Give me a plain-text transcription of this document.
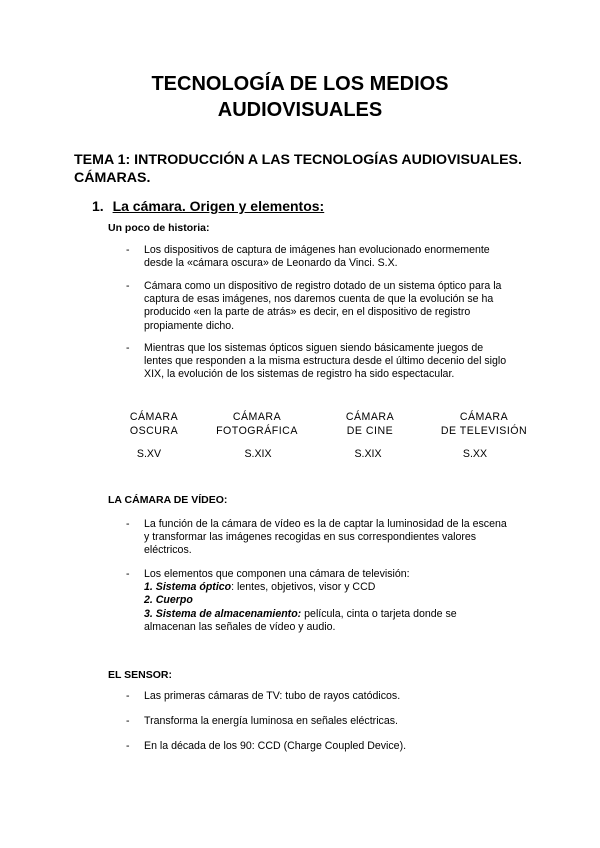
TECNOLOGÍA DE LOS MEDIOS
AUDIOVISUALES
TEMA 1: INTRODUCCIÓN A LAS TECNOLOGÍAS AUDIOVISUALES.
CÁMARAS.
1. La cámara. Origen y elementos:
Un poco de historia:
- Los dispositivos de captura de imágenes han evolucionado enormemente
desde la «cámara oscura» de Leonardo da Vinci. S.X.
- Cámara como un dispositivo de registro dotado de un sistema óptico para la
captura de esas imágenes, nos daremos cuenta de que la evolución se ha
producido «en la parte de atrás» es decir, en el dispositivo de registro
propiamente dicho.
- Mientras que los sistemas ópticos siguen siendo básicamente juegos de
lentes que responden a la misma estructura desde el último decenio del siglo
XIX, la evolución de los sistemas de registro ha sido espectacular.
CÁMARA
OSCURA
S.XV
CÁMARA
FOTOGRÁFICA
S.XIX
CÁMARA
DE CINE
S.XIX
CÁMARA
DE TELEVISIÓN
S.XX
LA CÁMARA DE VÍDEO:
- La función de la cámara de vídeo es la de captar la luminosidad de la escena
y transformar las imágenes recogidas en sus correspondientes valores
eléctricos.
- Los elementos que componen una cámara de televisión:
1. Sistema óptico: lentes, objetivos, visor y CCD
2. Cuerpo
3. Sistema de almacenamiento: película, cinta o tarjeta donde se
almacenan las señales de vídeo y audio.
EL SENSOR:
- Las primeras cámaras de TV: tubo de rayos catódicos.
- Transforma la energía luminosa en señales eléctricas.
- En la década de los 90: CCD (Charge Coupled Device).
